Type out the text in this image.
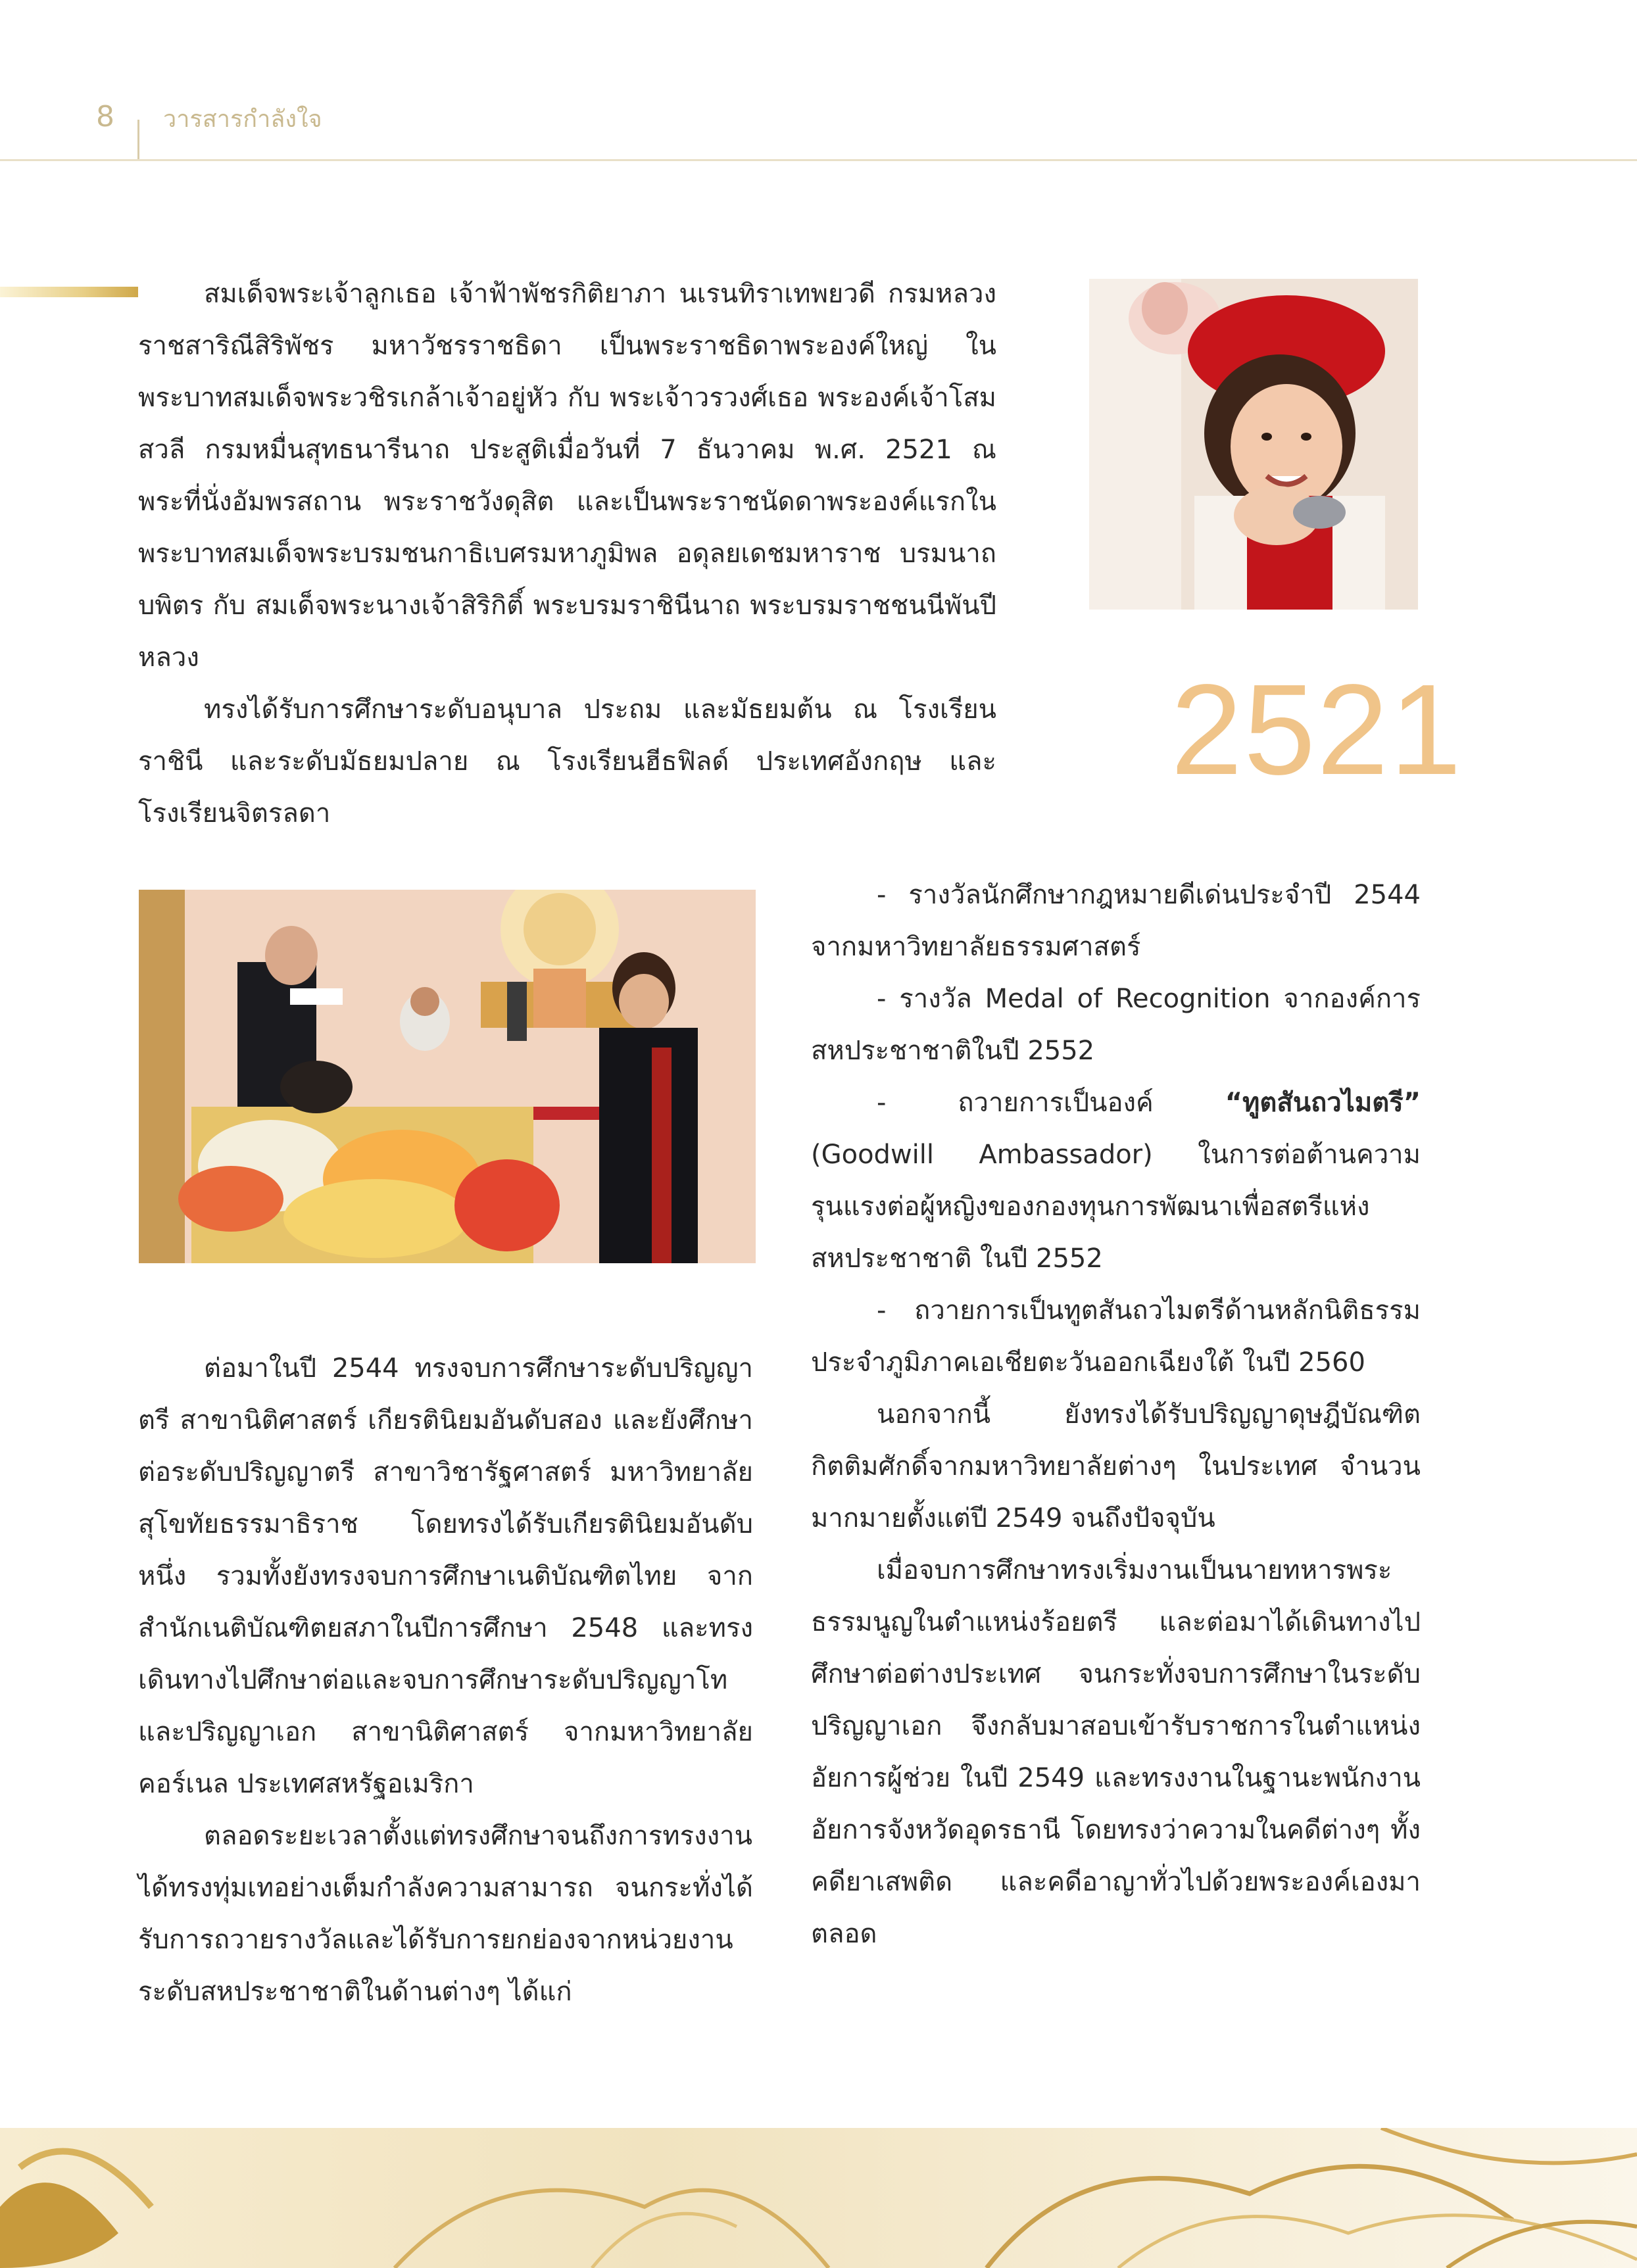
8 วารสารกำลังใจ

สมเด็จพระเจ้าลูกเธอ เจ้าฟ้าพัชรกิติยาภา นเรนทิราเทพยวดี กรมหลวงราชสาริณีสิริพัชร มหาวัชรราชธิดา เป็นพระราชธิดาพระองค์ใหญ่ ในพระบาทสมเด็จพระวชิรเกล้าเจ้าอยู่หัว กับ พระเจ้าวรวงศ์เธอ พระองค์เจ้าโสมสวลี กรมหมื่นสุทธนารีนาถ ประสูติเมื่อวันที่ 7 ธันวาคม พ.ศ. 2521 ณ พระที่นั่งอัมพรสถาน พระราชวังดุสิต และเป็นพระราชนัดดาพระองค์แรกในพระบาทสมเด็จพระบรมชนกาธิเบศรมหาภูมิพล อดุลยเดชมหาราช บรมนาถบพิตร กับ สมเด็จพระนางเจ้าสิริกิติ์ พระบรมราชินีนาถ พระบรมราชชนนีพันปีหลวง

ทรงได้รับการศึกษาระดับอนุบาล ประถม และมัธยมต้น ณ โรงเรียนราชินี และระดับมัธยมปลาย ณ โรงเรียนฮีธฟิลด์ ประเทศอังกฤษ และโรงเรียนจิตรลดา

2521

ต่อมาในปี 2544 ทรงจบการศึกษาระดับปริญญาตรี สาขานิติศาสตร์ เกียรตินิยมอันดับสอง และยังศึกษาต่อระดับปริญญาตรี สาขาวิชารัฐศาสตร์ มหาวิทยาลัยสุโขทัยธรรมาธิราช โดยทรงได้รับเกียรตินิยมอันดับหนึ่ง รวมทั้งยังทรงจบการศึกษาเนติบัณฑิตไทย จากสำนักเนติบัณฑิตยสภาในปีการศึกษา 2548 และทรงเดินทางไปศึกษาต่อและจบการศึกษาระดับปริญญาโท และปริญญาเอก สาขานิติศาสตร์ จากมหาวิทยาลัยคอร์เนล ประเทศสหรัฐอเมริกา

ตลอดระยะเวลาตั้งแต่ทรงศึกษาจนถึงการทรงงาน ได้ทรงทุ่มเทอย่างเต็มกำลังความสามารถ จนกระทั่งได้รับการถวายรางวัลและได้รับการยกย่องจากหน่วยงานระดับสหประชาชาติในด้านต่างๆ ได้แก่

- รางวัลนักศึกษากฎหมายดีเด่นประจำปี 2544 จากมหาวิทยาลัยธรรมศาสตร์

- รางวัล Medal of Recognition จากองค์การสหประชาชาติในปี 2552

- ถวายการเป็นองค์ “ทูตสันถวไมตรี” (Goodwill Ambassador) ในการต่อต้านความรุนแรงต่อผู้หญิงของกองทุนการพัฒนาเพื่อสตรีแห่งสหประชาชาติ ในปี 2552

- ถวายการเป็นทูตสันถวไมตรีด้านหลักนิติธรรมประจำภูมิภาคเอเชียตะวันออกเฉียงใต้ ในปี 2560

นอกจากนี้ ยังทรงได้รับปริญญาดุษฎีบัณฑิตกิตติมศักดิ์จากมหาวิทยาลัยต่างๆ ในประเทศ จำนวนมากมายตั้งแต่ปี 2549 จนถึงปัจจุบัน

เมื่อจบการศึกษาทรงเริ่มงานเป็นนายทหารพระธรรมนูญในตำแหน่งร้อยตรี และต่อมาได้เดินทางไปศึกษาต่อต่างประเทศ จนกระทั่งจบการศึกษาในระดับปริญญาเอก จึงกลับมาสอบเข้ารับราชการในตำแหน่งอัยการผู้ช่วย ในปี 2549 และทรงงานในฐานะพนักงานอัยการจังหวัดอุดรธานี โดยทรงว่าความในคดีต่างๆ ทั้งคดียาเสพติด และคดีอาญาทั่วไปด้วยพระองค์เองมาตลอด
